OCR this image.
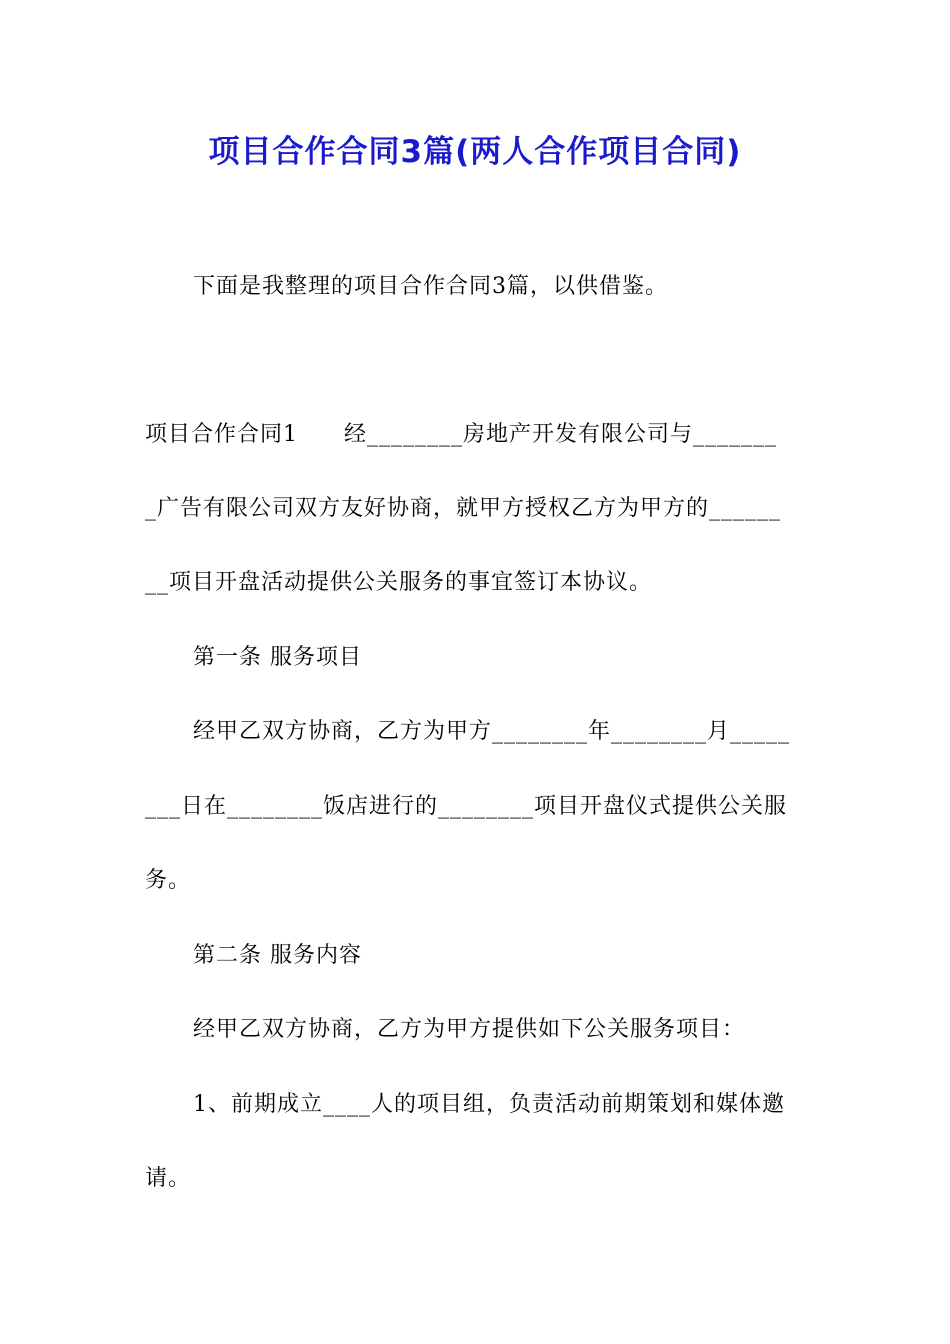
项目合作合同3篇(两人合作项目合同)
下面是我整理的项目合作合同3篇，以供借鉴。
项目合作合同1　　经________房地产开发有限公司与_______
_广告有限公司双方友好协商，就甲方授权乙方为甲方的______
__项目开盘活动提供公关服务的事宜签订本协议。
第一条 服务项目
经甲乙双方协商，乙方为甲方________年________月_____
___日在________饭店进行的________项目开盘仪式提供公关服
务。
第二条 服务内容
经甲乙双方协商，乙方为甲方提供如下公关服务项目：
1、前期成立____人的项目组，负责活动前期策划和媒体邀
请。
